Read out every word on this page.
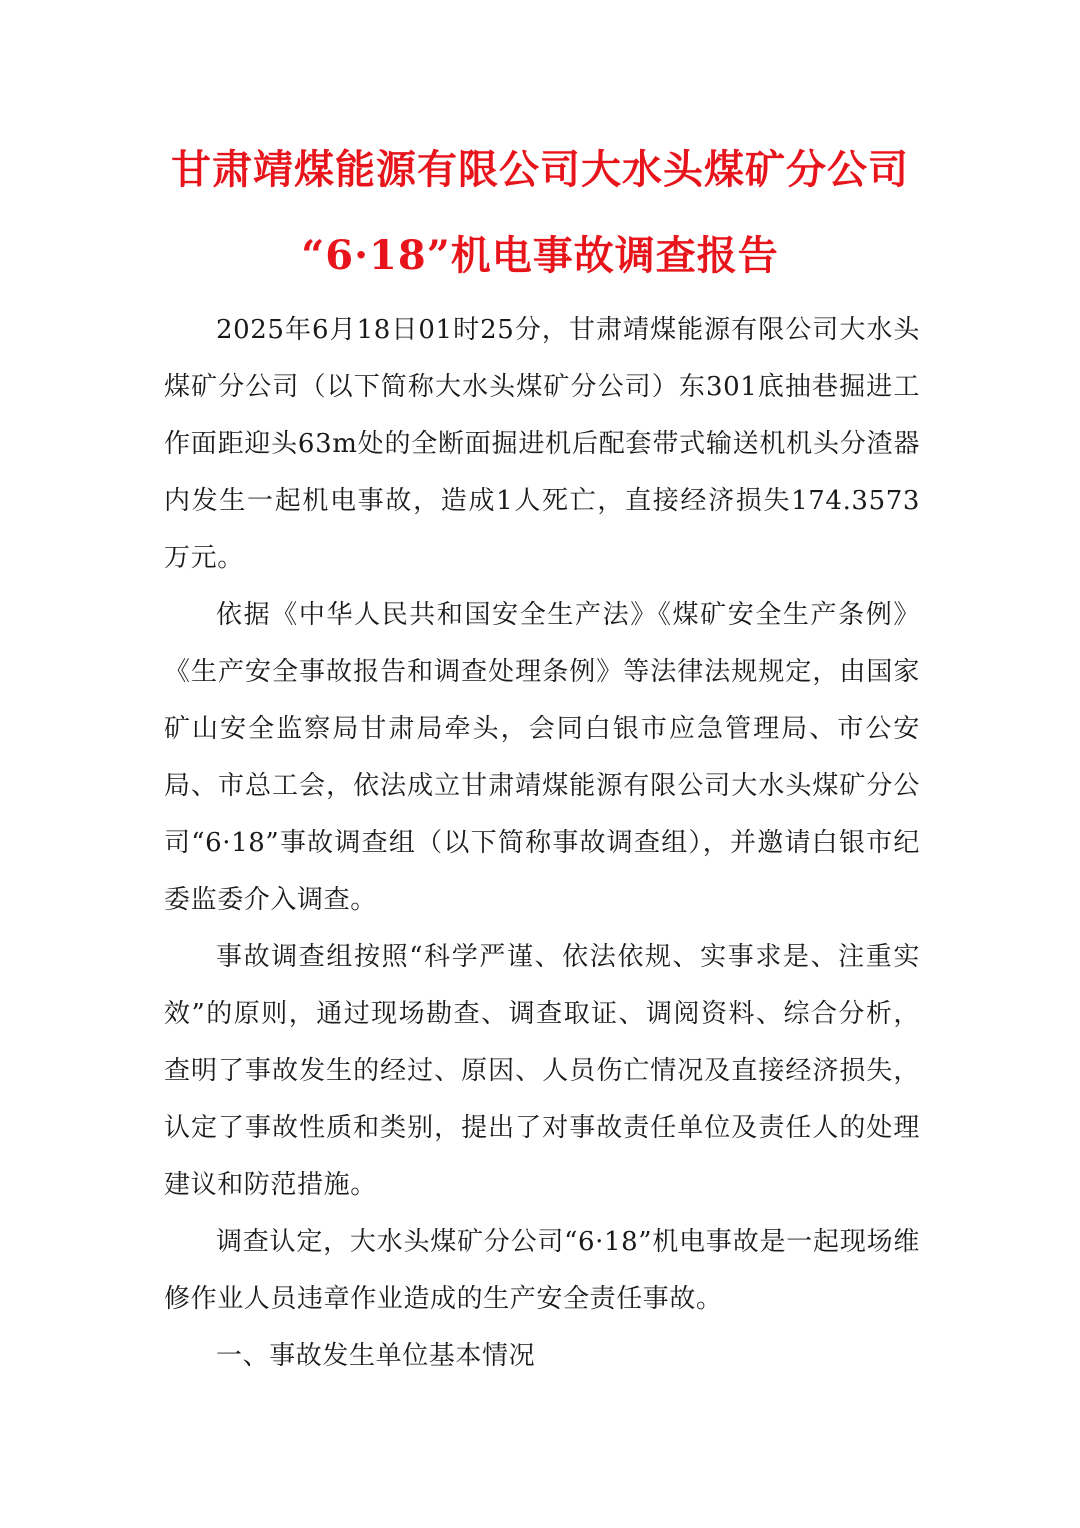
甘肃靖煤能源有限公司大水头煤矿分公司
“6·18”机电事故调查报告

2025年6月18日01时25分，甘肃靖煤能源有限公司大水头煤矿分公司（以下简称大水头煤矿分公司）东301底抽巷掘进工作面距迎头63m处的全断面掘进机后配套带式输送机机头分渣器内发生一起机电事故，造成1人死亡，直接经济损失174.3573万元。

依据《中华人民共和国安全生产法》《煤矿安全生产条例》《生产安全事故报告和调查处理条例》等法律法规规定，由国家矿山安全监察局甘肃局牵头，会同白银市应急管理局、市公安局、市总工会，依法成立甘肃靖煤能源有限公司大水头煤矿分公司“6·18”事故调查组（以下简称事故调查组），并邀请白银市纪委监委介入调查。

事故调查组按照“科学严谨、依法依规、实事求是、注重实效”的原则，通过现场勘查、调查取证、调阅资料、综合分析，查明了事故发生的经过、原因、人员伤亡情况及直接经济损失，认定了事故性质和类别，提出了对事故责任单位及责任人的处理建议和防范措施。

调查认定，大水头煤矿分公司“6·18”机电事故是一起现场维修作业人员违章作业造成的生产安全责任事故。

一、事故发生单位基本情况
